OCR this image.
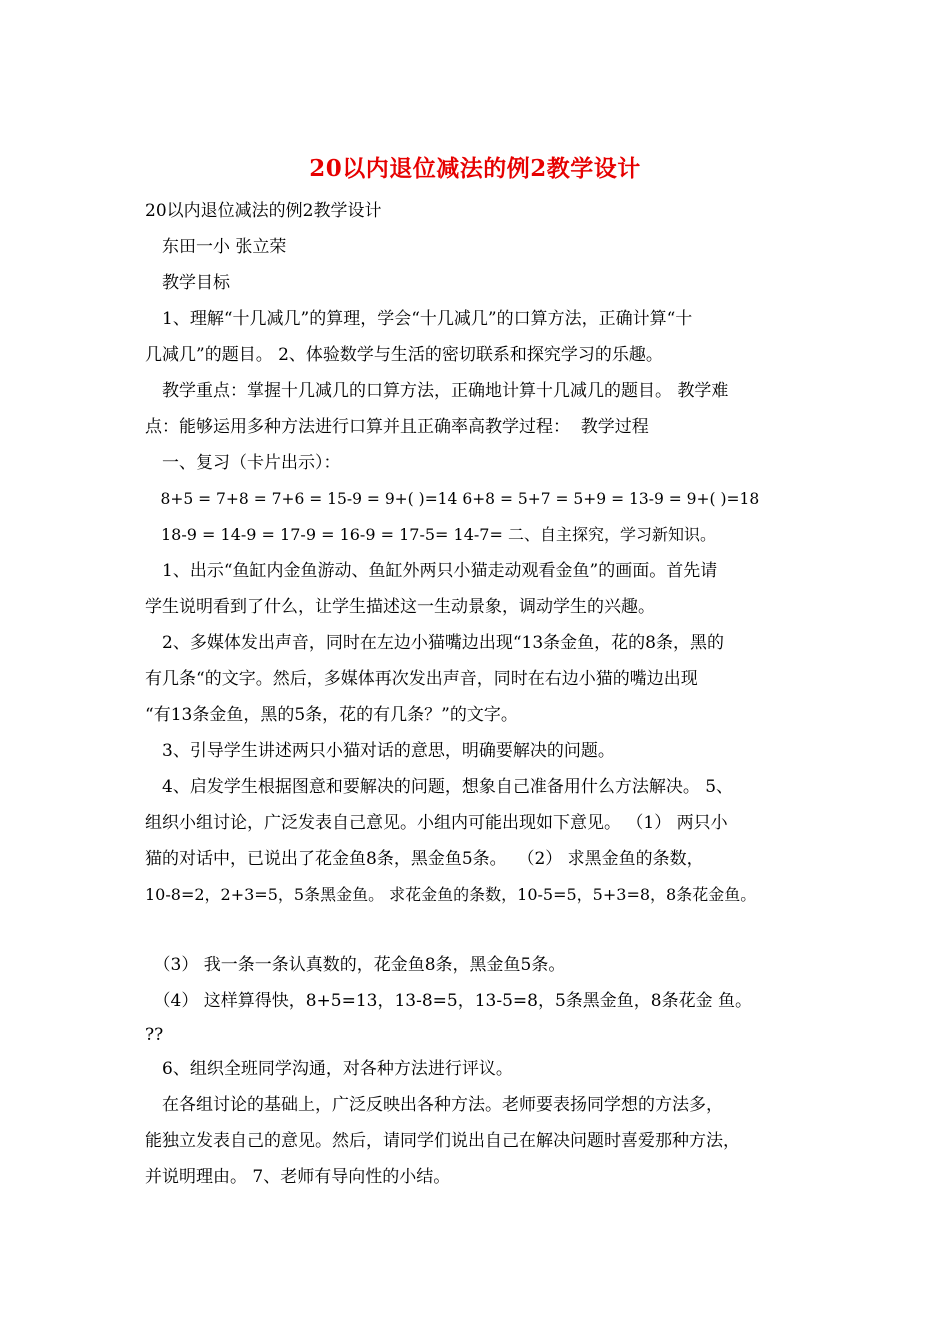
20以内退位减法的例2教学设计
20以内退位减法的例2教学设计
　东田一小 张立荣
　教学目标
　1、理解“十几减几”的算理，学会“十几减几”的口算方法，正确计算“十
几减几”的题目。 2、体验数学与生活的密切联系和探究学习的乐趣。
　教学重点：掌握十几减几的口算方法，正确地计算十几减几的题目。 教学难
点：能够运用多种方法进行口算并且正确率高教学过程：  教学过程
　一、复习（卡片出示）：
　8+5 = 7+8 = 7+6 = 15-9 = 9+( )=14 6+8 = 5+7 = 5+9 = 13-9 = 9+( )=18
　18-9 = 14-9 = 17-9 = 16-9 = 17-5= 14-7= 二、自主探究，学习新知识。
　1、出示“鱼缸内金鱼游动、鱼缸外两只小猫走动观看金鱼”的画面。首先请
学生说明看到了什么，让学生描述这一生动景象，调动学生的兴趣。
　2、多媒体发出声音，同时在左边小猫嘴边出现“13条金鱼，花的8条，黑的
有几条“的文字。然后，多媒体再次发出声音，同时在右边小猫的嘴边出现
“有13条金鱼，黑的5条，花的有几条？”的文字。
　3、引导学生讲述两只小猫对话的意思，明确要解决的问题。
　4、启发学生根据图意和要解决的问题，想象自己准备用什么方法解决。 5、
组织小组讨论，广泛发表自己意见。小组内可能出现如下意见。 （1） 两只小
猫的对话中，已说出了花金鱼8条，黑金鱼5条。  （2） 求黑金鱼的条数，
10-8=2，2+3=5，5条黑金鱼。 求花金鱼的条数，10-5=5，5+3=8，8条花金鱼。
　（3） 我一条一条认真数的，花金鱼8条，黑金鱼5条。
　（4） 这样算得快，8+5=13，13-8=5，13-5=8，5条黑金鱼，8条花金 鱼。
??
　6、组织全班同学沟通，对各种方法进行评议。
　在各组讨论的基础上，广泛反映出各种方法。老师要表扬同学想的方法多，
能独立发表自己的意见。然后，请同学们说出自己在解决问题时喜爱那种方法，
并说明理由。 7、老师有导向性的小结。
